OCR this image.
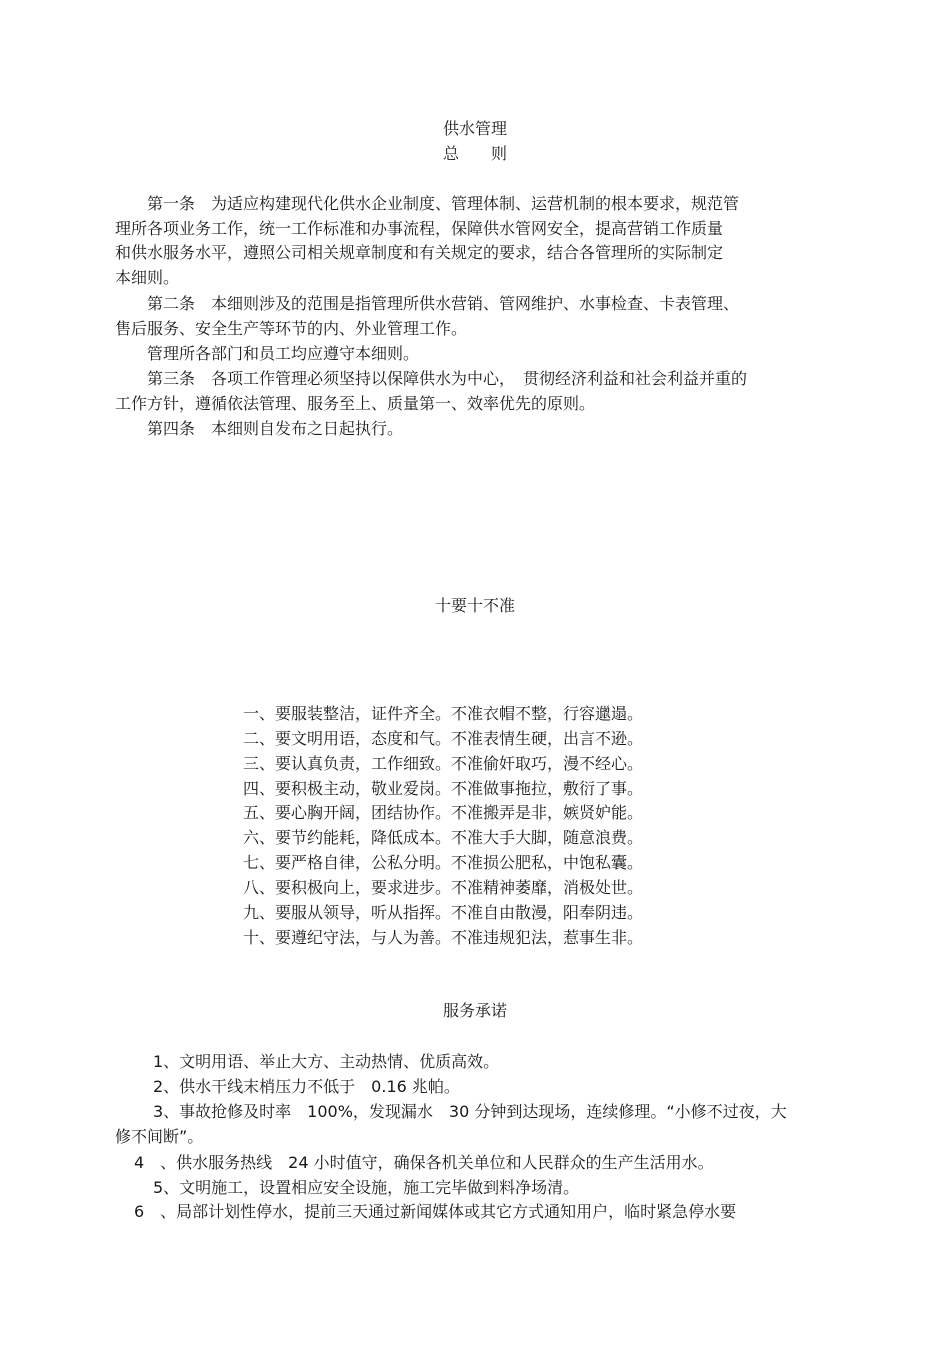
供水管理
总　　则
　　第一条　为适应构建现代化供水企业制度、管理体制、运营机制的根本要求，规范管
理所各项业务工作，统一工作标准和办事流程，保障供水管网安全，提高营销工作质量
和供水服务水平，遵照公司相关规章制度和有关规定的要求，结合各管理所的实际制定
本细则。
　　第二条　本细则涉及的范围是指管理所供水营销、管网维护、水事检查、卡表管理、
售后服务、安全生产等环节的内、外业管理工作。
　　管理所各部门和员工均应遵守本细则。
　　第三条　各项工作管理必须坚持以保障供水为中心，　贯彻经济利益和社会利益并重的
工作方针，遵循依法管理、服务至上、质量第一、效率优先的原则。
　　第四条　本细则自发布之日起执行。
十要十不准
一、要服装整洁，证件齐全。不准衣帽不整，行容邋遢。
二、要文明用语，态度和气。不准表情生硬，出言不逊。
三、要认真负责，工作细致。不准偷奸取巧，漫不经心。
四、要积极主动，敬业爱岗。不准做事拖拉，敷衍了事。
五、要心胸开阔，团结协作。不准搬弄是非，嫉贤妒能。
六、要节约能耗，降低成本。不准大手大脚，随意浪费。
七、要严格自律，公私分明。不准损公肥私，中饱私囊。
八、要积极向上，要求进步。不准精神萎靡，消极处世。
九、要服从领导，听从指挥。不准自由散漫，阳奉阴违。
十、要遵纪守法，与人为善。不准违规犯法，惹事生非。
服务承诺
1、文明用语、举止大方、主动热情、优质高效。
2、供水干线末梢压力不低于　0.16 兆帕。
3、事故抢修及时率　100%，发现漏水　30 分钟到达现场，连续修理。“小修不过夜，大
修不间断”。
4　、供水服务热线　24 小时值守，确保各机关单位和人民群众的生产生活用水。
5、文明施工，设置相应安全设施，施工完毕做到料净场清。
6　、局部计划性停水，提前三天通过新闻媒体或其它方式通知用户，临时紧急停水要
